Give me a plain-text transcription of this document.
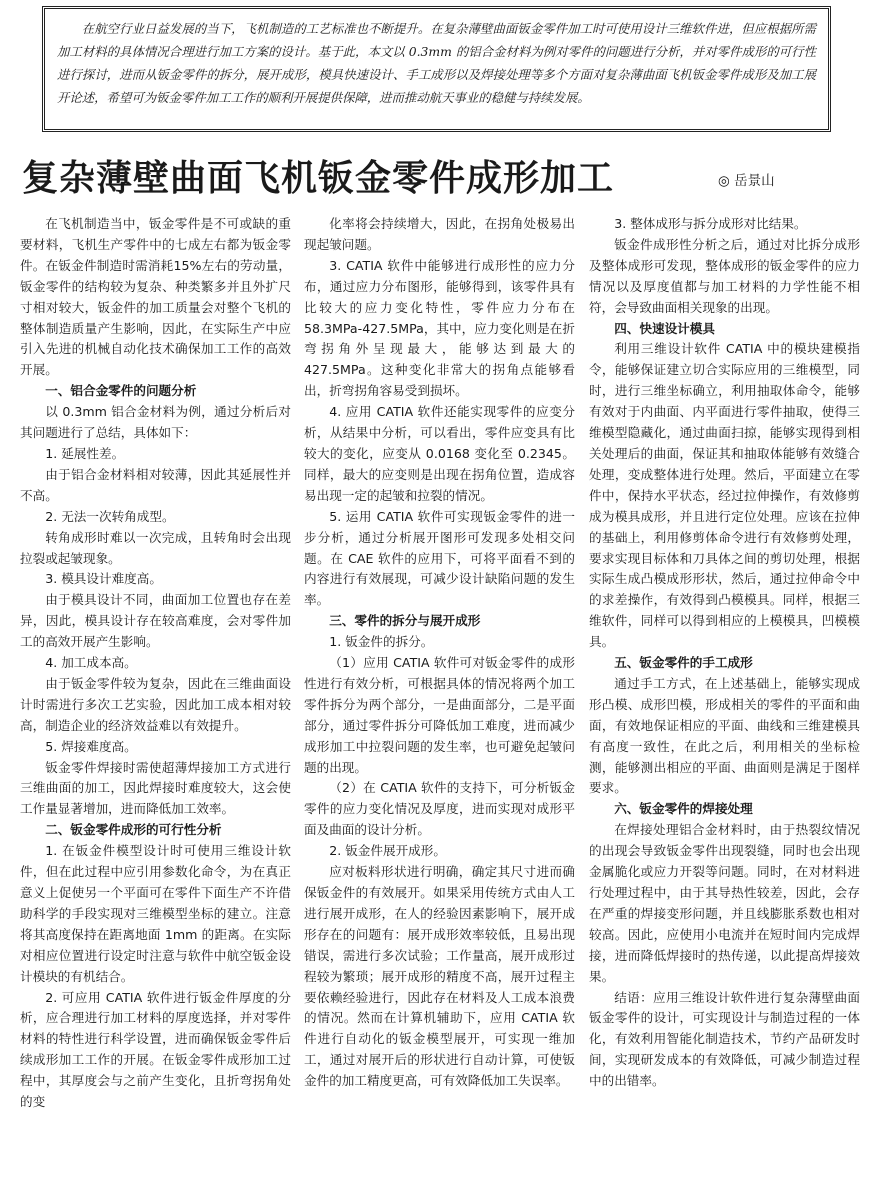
在航空行业日益发展的当下，飞机制造的工艺标准也不断提升。在复杂薄壁曲面钣金零件加工时可使用设计三维软件进，但应根据所需加工材料的具体情况合理进行加工方案的设计。基于此，本文以 0.3mm 的铝合金材料为例对零件的问题进行分析，并对零件成形的可行性进行探讨，进而从钣金零件的拆分，展开成形，模具快速设计、手工成形以及焊接处理等多个方面对复杂薄曲面飞机钣金零件成形及加工展开论述，希望可为钣金零件加工工作的顺利开展提供保障，进而推动航天事业的稳健与持续发展。
复杂薄壁曲面飞机钣金零件成形加工	◎ 岳景山

在飞机制造当中，钣金零件是不可或缺的重要材料，飞机生产零件中的七成左右都为钣金零件。在钣金件制造时需消耗15%左右的劳动量，钣金零件的结构较为复杂、种类繁多并且外扩尺寸相对较大，钣金件的加工质量会对整个飞机的整体制造质量产生影响，因此，在实际生产中应引入先进的机械自动化技术确保加工工作的高效开展。

一、铝合金零件的问题分析

以 0.3mm 铝合金材料为例，通过分析后对其问题进行了总结，具体如下：

1. 延展性差。

由于铝合金材料相对较薄，因此其延展性并不高。

2. 无法一次转角成型。

转角成形时难以一次完成，且转角时会出现拉裂或起皱现象。

3. 模具设计难度高。

由于模具设计不同，曲面加工位置也存在差异，因此，模具设计存在较高难度，会对零件加工的高效开展产生影响。

4. 加工成本高。

由于钣金零件较为复杂，因此在三维曲面设计时需进行多次工艺实验，因此加工成本相对较高，制造企业的经济效益难以有效提升。

5. 焊接难度高。

钣金零件焊接时需使超薄焊接加工方式进行三维曲面的加工，因此焊接时难度较大，这会使工作量显著增加，进而降低加工效率。

二、钣金零件成形的可行性分析

1. 在钣金件模型设计时可使用三维设计软件，但在此过程中应引用参数化命令，为在真正意义上促使另一个平面可在零件下面生产不许借助科学的手段实现对三维模型坐标的建立。注意将其高度保持在距离地面 1mm 的距离。在实际对相应位置进行设定时注意与软件中航空钣金设计模块的有机结合。

2. 可应用 CATIA 软件进行钣金件厚度的分析，应合理进行加工材料的厚度选择，并对零件材料的特性进行科学设置，进而确保钣金零件后续成形加工工作的开展。在钣金零件成形加工过程中，其厚度会与之前产生变化，且折弯拐角处的变

化率将会持续增大，因此，在拐角处极易出现起皱问题。

3. CATIA 软件中能够进行成形性的应力分布，通过应力分布图形，能够得到，该零件具有比较大的应力变化特性，零件应力分布在 58.3MPa-427.5MPa，其中，应力变化则是在折弯拐角外呈现最大，能够达到最大的 427.5MPa。这种变化非常大的拐角点能够看出，折弯拐角容易受到损坏。

4. 应用 CATIA 软件还能实现零件的应变分析，从结果中分析，可以看出，零件应变具有比较大的变化，应变从 0.0168 变化至 0.2345。同样，最大的应变则是出现在拐角位置，造成容易出现一定的起皱和拉裂的情况。

5. 运用 CATIA 软件可实现钣金零件的进一步分析，通过分析展开图形可发现多处相交问题。在 CAE 软件的应用下，可将平面看不到的内容进行有效展现，可减少设计缺陷问题的发生率。

三、零件的拆分与展开成形

1. 钣金件的拆分。

（1）应用 CATIA 软件可对钣金零件的成形性进行有效分析，可根据具体的情况将两个加工零件拆分为两个部分，一是曲面部分，二是平面部分，通过零件拆分可降低加工难度，进而减少成形加工中拉裂问题的发生率，也可避免起皱问题的出现。

（2）在 CATIA 软件的支持下，可分析钣金零件的应力变化情况及厚度，进而实现对成形平面及曲面的设计分析。

2. 钣金件展开成形。

应对板料形状进行明确，确定其尺寸进而确保钣金件的有效展开。如果采用传统方式由人工进行展开成形，在人的经验因素影响下，展开成形存在的问题有：展开成形效率较低，且易出现错误，需进行多次试验；工作量高，展开成形过程较为繁琐；展开成形的精度不高，展开过程主要依赖经验进行，因此存在材料及人工成本浪费的情况。然而在计算机辅助下，应用 CATIA 软件进行自动化的钣金模型展开，可实现一维加工，通过对展开后的形状进行自动计算，可使钣金件的加工精度更高，可有效降低加工失误率。

3. 整体成形与拆分成形对比结果。

钣金件成形性分析之后，通过对比拆分成形及整体成形可发现，整体成形的钣金零件的应力情况以及厚度值都与加工材料的力学性能不相符，会导致曲面相关现象的出现。

四、快速设计模具

利用三维设计软件 CATIA 中的模块建模指令，能够保证建立切合实际应用的三维模型，同时，进行三维坐标确立，利用抽取体命令，能够有效对于内曲面、内平面进行零件抽取，使得三维模型隐藏化，通过曲面扫掠，能够实现得到相关处理后的曲面，保证其和抽取体能够有效缝合处理，变成整体进行处理。然后，平面建立在零件中，保持水平状态，经过拉伸操作，有效修剪成为模具成形，并且进行定位处理。应该在拉伸的基础上，利用修剪体命令进行有效修剪处理，要求实现目标体和刀具体之间的剪切处理，根据实际生成凸模成形形状，然后，通过拉伸命令中的求差操作，有效得到凸模模具。同样，根据三维软件，同样可以得到相应的上模模具，凹模模具。

五、钣金零件的手工成形

通过手工方式，在上述基础上，能够实现成形凸模、成形凹模，形成相关的零件的平面和曲面，有效地保证相应的平面、曲线和三维建模具有高度一致性，在此之后，利用相关的坐标检测，能够测出相应的平面、曲面则是满足于图样要求。

六、钣金零件的焊接处理

在焊接处理铝合金材料时，由于热裂纹情况的出现会导致钣金零件出现裂缝，同时也会出现金属脆化或应力开裂等问题。同时，在对材料进行处理过程中，由于其导热性较差，因此，会存在严重的焊接变形问题，并且线膨胀系数也相对较高。因此，应使用小电流并在短时间内完成焊接，进而降低焊接时的热传递，以此提高焊接效果。

结语：应用三维设计软件进行复杂薄壁曲面钣金零件的设计，可实现设计与制造过程的一体化，有效利用智能化制造技术，节约产品研发时间，实现研发成本的有效降低，可减少制造过程中的出错率。
